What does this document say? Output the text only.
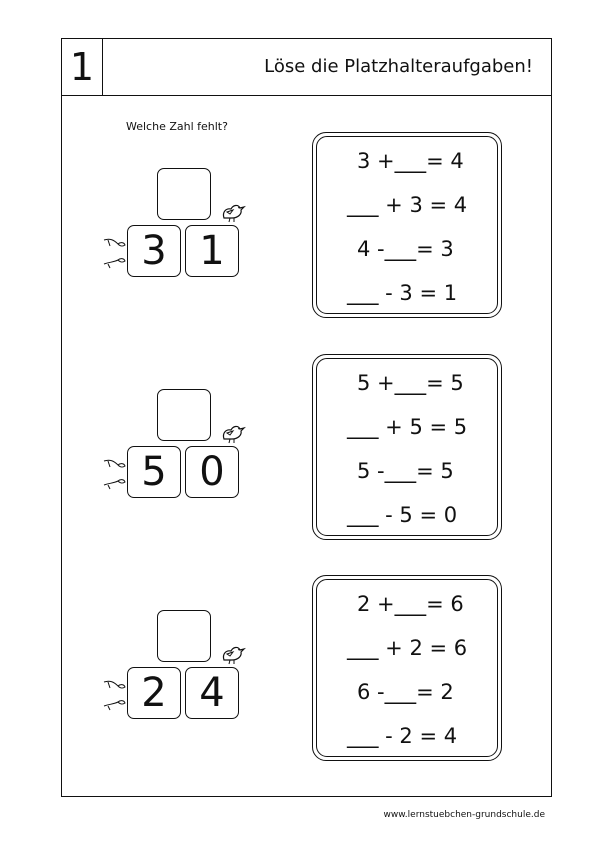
1	Löse die Platzhalteraufgaben!
Welche Zahl fehlt?
3 1
5 0
2 4
3 +___= 4
___ + 3 = 4
4 -___= 3
___ - 3 = 1
5 +___= 5
___ + 5 = 5
5 -___= 5
___ - 5 = 0
2 +___= 6
___ + 2 = 6
6 -___= 2
___ - 2 = 4
www.lernstuebchen-grundschule.de
